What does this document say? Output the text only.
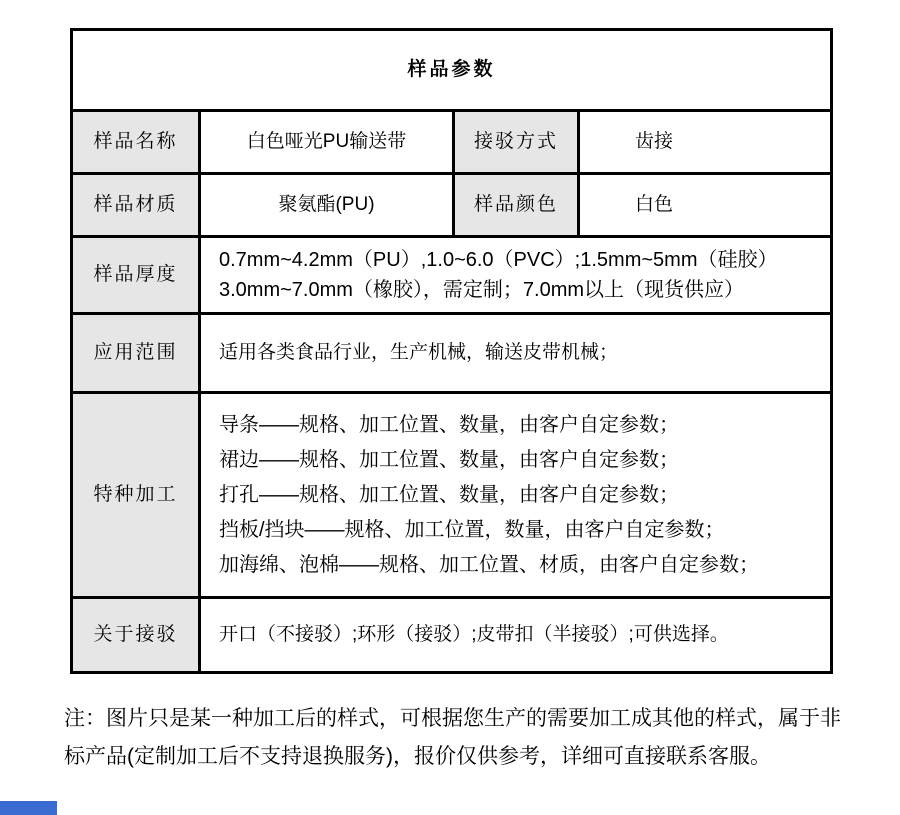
样品参数			
样品名称	白色哑光PU输送带	接驳方式	齿接
样品材质	聚氨酯(PU)	样品颜色	白色
样品厚度	0.7mm~4.2mm（PU）,1.0~6.0（PVC）;1.5mm~5mm（硅胶）
3.0mm~7.0mm（橡胶），需定制；7.0mm以上（现货供应）		

应用范围	适用各类食品行业，生产机械，输送皮带机械；		
特种加工	导条——规格、加工位置、数量，由客户自定参数；
裙边——规格、加工位置、数量，由客户自定参数；
打孔——规格、加工位置、数量，由客户自定参数；
挡板/挡块——规格、加工位置，数量，由客户自定参数；
加海绵、泡棉——规格、加工位置、材质，由客户自定参数；		

关于接驳	开口（不接驳）;环形（接驳）;皮带扣（半接驳）;可供选择。		
注：图片只是某一种加工后的样式，可根据您生产的需要加工成其他的样式，属于非
标产品(定制加工后不支持退换服务)，报价仅供参考，详细可直接联系客服。
